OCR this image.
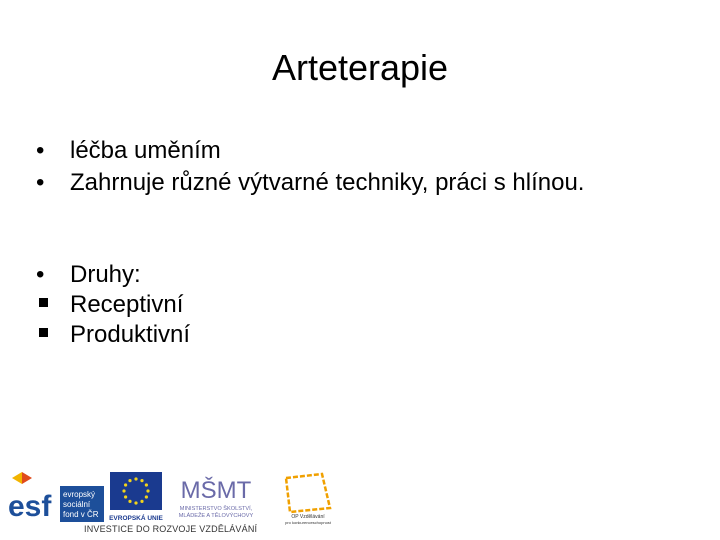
Arteterapie
•
léčba uměním
•
Zahrnuje různé výtvarné techniky, práci s hlínou.
•
Druhy:
Receptivní
Produktivní
esf evropský
sociální
fond v ČR EVROPSKÁ UNIE
MŠMT
MINISTERSTVO ŠKOLSTVÍ,
MLÁDEŽE A TĚLOVÝCHOVY	OP Vzdělávání
pro konkurenceschopnost
INVESTICE DO ROZVOJE VZDĚLÁVÁNÍ
